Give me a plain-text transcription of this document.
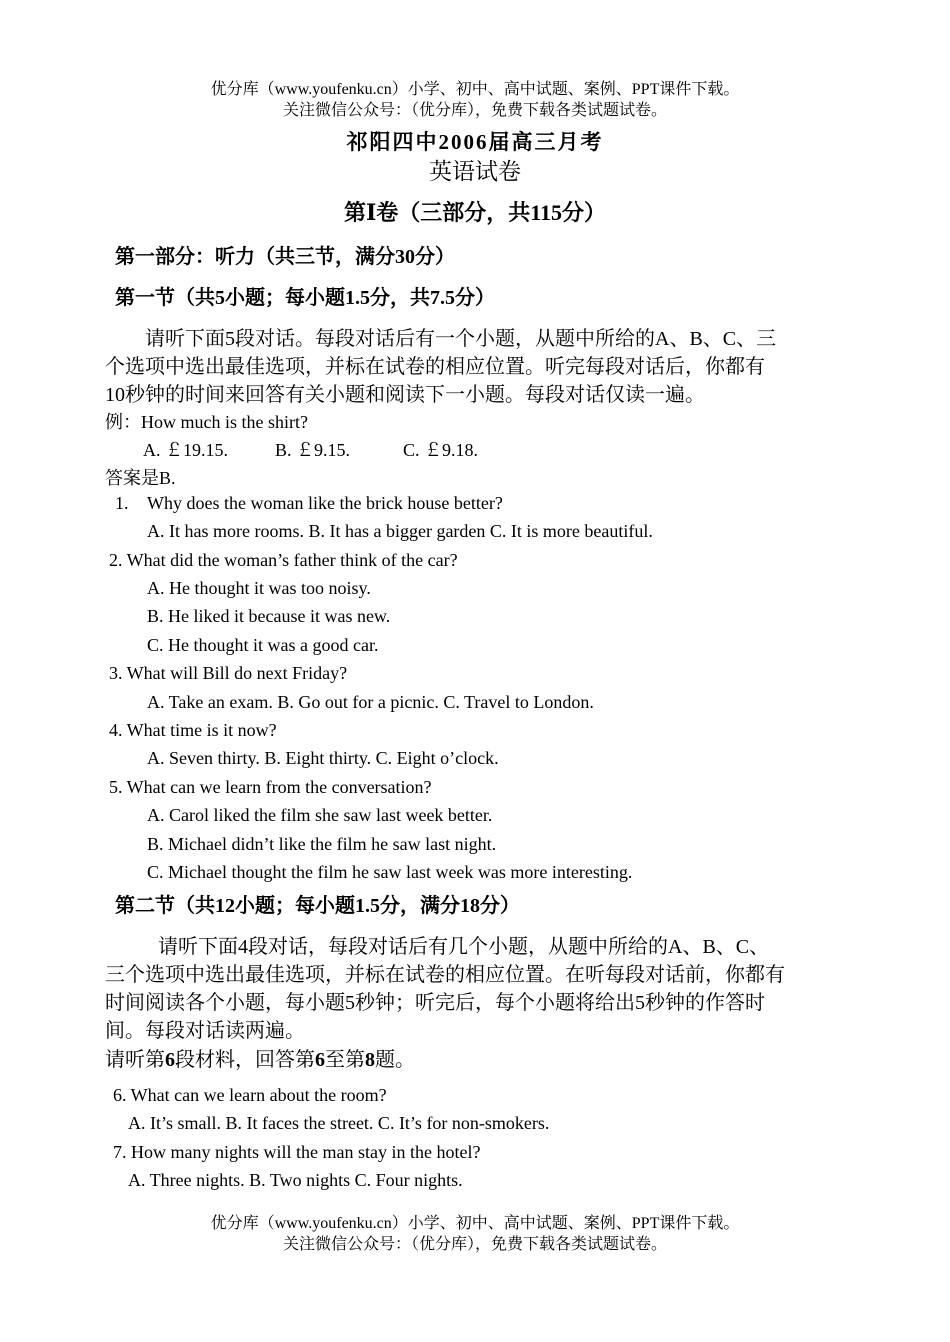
优分库（www.youfenku.cn）小学、初中、高中试题、案例、PPT课件下载。
关注微信公众号：（优分库），免费下载各类试题试卷。
祁阳四中2006届高三月考
英语试卷
第Ⅰ卷（三部分，共115分）
第一部分：听力（共三节，满分30分）
第一节（共5小题；每小题1.5分，共7.5分）
请听下面5段对话。每段对话后有一个小题，从题中所给的A、B、C、三
个选项中选出最佳选项，并标在试卷的相应位置。听完每段对话后，你都有
10秒钟的时间来回答有关小题和阅读下一小题。每段对话仅读一遍。
例：How much is the shirt?
A. ￡19.15.	B. ￡9.15.	C. ￡9.18.
答案是B.
1. Why does the woman like the brick house better?
A. It has more rooms. B. It has a bigger garden C. It is more beautiful.
2. What did the woman’s father think of the car?
A. He thought it was too noisy.
B. He liked it because it was new.
C. He thought it was a good car.
3. What will Bill do next Friday?
A. Take an exam. B. Go out for a picnic. C. Travel to London.
4. What time is it now?
A. Seven thirty. B. Eight thirty. C. Eight o’clock.
5. What can we learn from the conversation?
A. Carol liked the film she saw last week better.
B. Michael didn’t like the film he saw last night.
C. Michael thought the film he saw last week was more interesting.
第二节（共12小题；每小题1.5分，满分18分）
请听下面4段对话，每段对话后有几个小题，从题中所给的A、B、C、
三个选项中选出最佳选项，并标在试卷的相应位置。在听每段对话前，你都有
时间阅读各个小题，每小题5秒钟；听完后，每个小题将给出5秒钟的作答时
间。每段对话读两遍。
请听第6段材料，回答第6至第8题。
6. What can we learn about the room?
A. It’s small. B. It faces the street. C. It’s for non-smokers.
7. How many nights will the man stay in the hotel?
A. Three nights. B. Two nights C. Four nights.
优分库（www.youfenku.cn）小学、初中、高中试题、案例、PPT课件下载。
关注微信公众号：（优分库），免费下载各类试题试卷。
